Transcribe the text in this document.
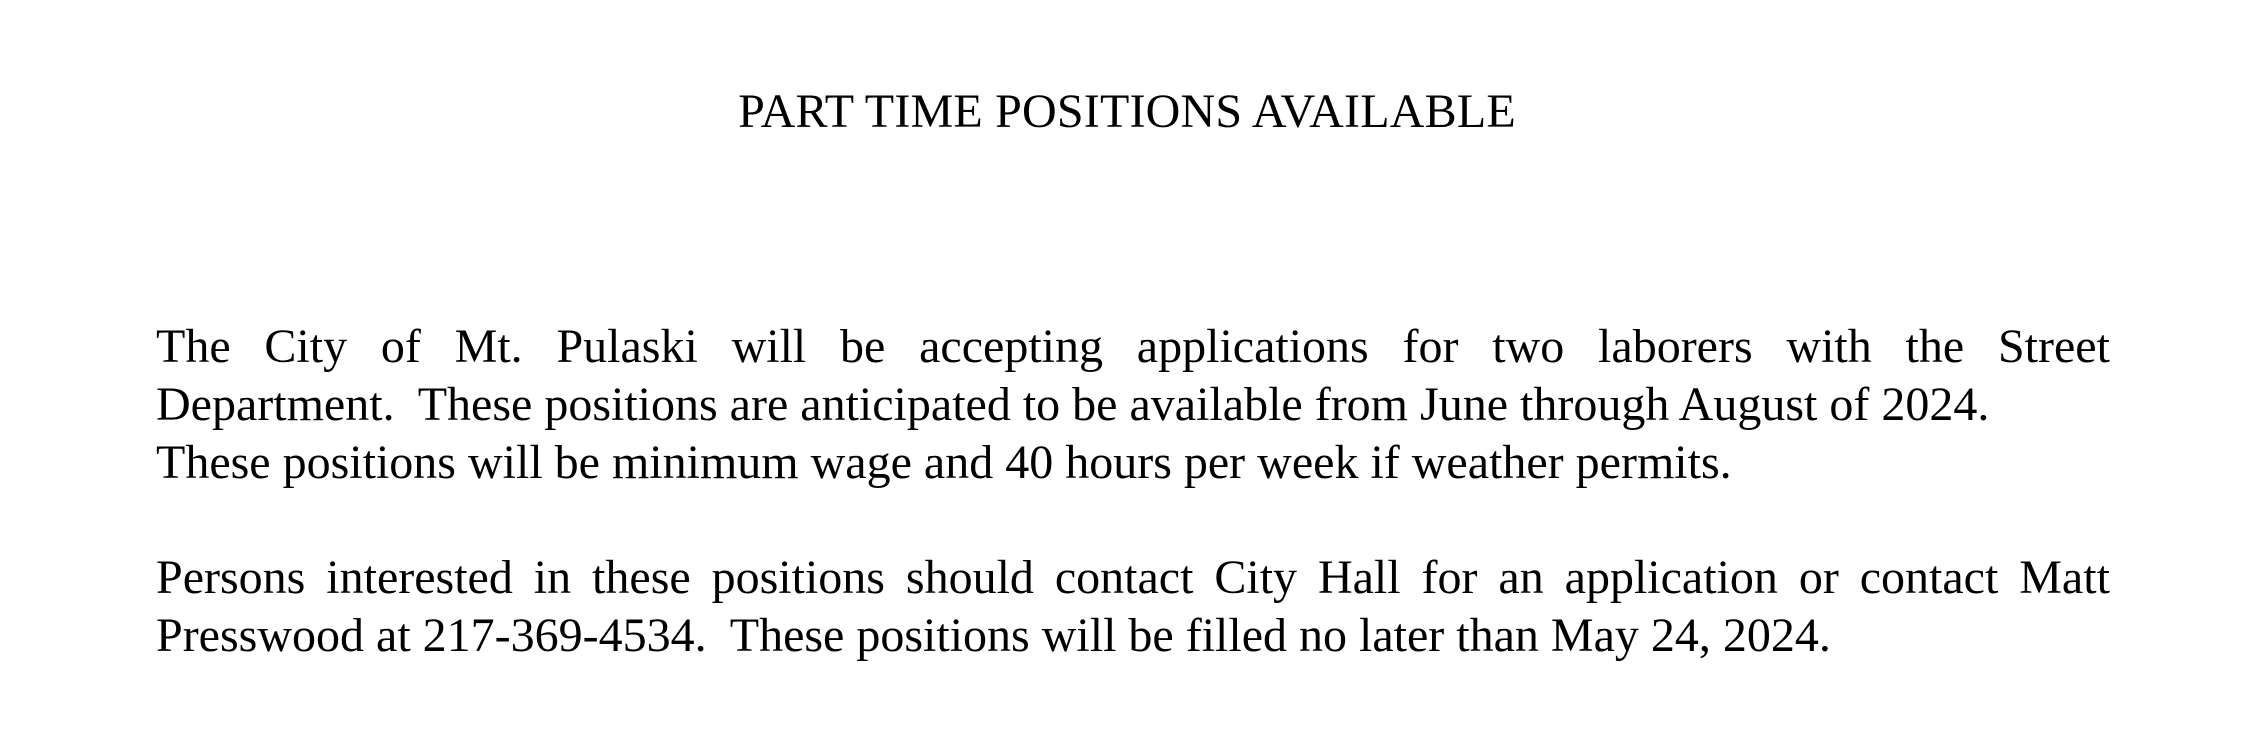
PART TIME POSITIONS AVAILABLE
The City of Mt. Pulaski will be accepting applications for two laborers with the Street
Department.  These positions are anticipated to be available from June through August of 2024.
These positions will be minimum wage and 40 hours per week if weather permits.
Persons interested in these positions should contact City Hall for an application or contact Matt
Presswood at 217-369-4534.  These positions will be filled no later than May 24, 2024.
